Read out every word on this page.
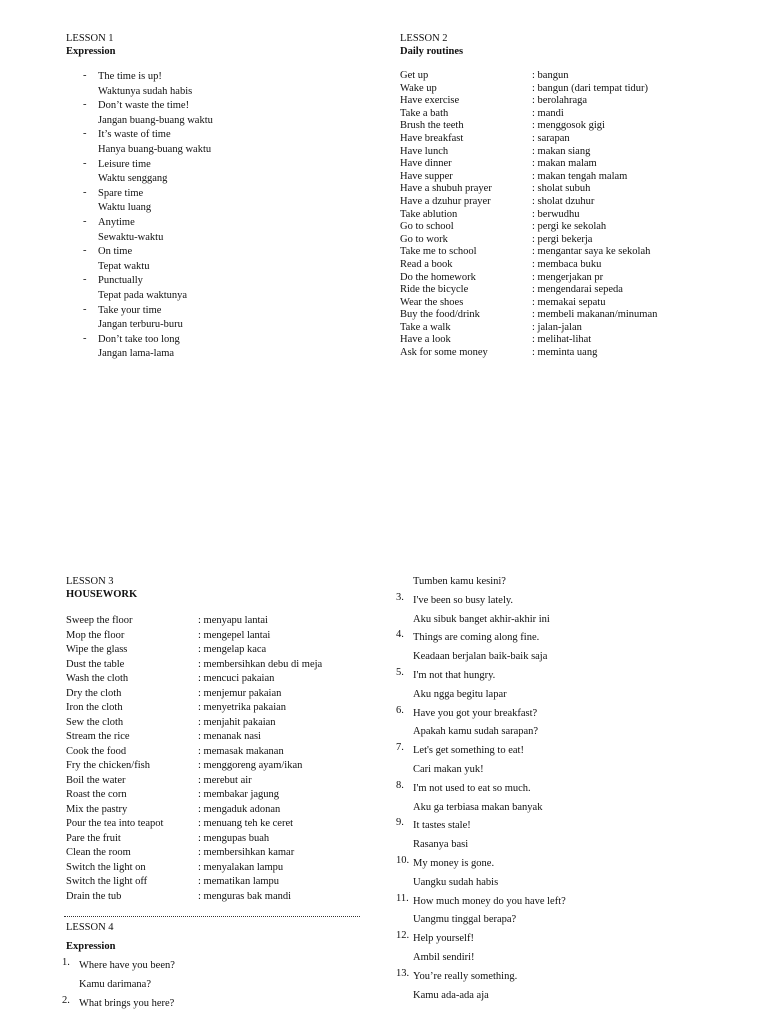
LESSON 1
Expression
- The time is up!
Waktunya sudah habis
- Don’t waste the time!
Jangan buang-buang waktu
- It’s waste of time
Hanya buang-buang waktu
- Leisure time
Waktu senggang
- Spare time
Waktu luang
- Anytime
Sewaktu-waktu
- On time
Tepat waktu
- Punctually
Tepat pada waktunya
- Take your time
Jangan terburu-buru
- Don’t take too long
Jangan lama-lama
LESSON 2
Daily routines
Get up	: bangun
Wake up	: bangun (dari tempat tidur)
Have exercise	: berolahraga
Take a bath	: mandi
Brush the teeth	: menggosok gigi
Have breakfast	: sarapan
Have lunch	: makan siang
Have dinner	: makan malam
Have supper	: makan tengah malam
Have a shubuh prayer	: sholat subuh
Have a dzuhur prayer	: sholat dzuhur
Take ablution	: berwudhu
Go to school	: pergi ke sekolah
Go to work	: pergi bekerja
Take me to school	: mengantar saya ke sekolah
Read a book	: membaca buku
Do the homework	: mengerjakan pr
Ride the bicycle	: mengendarai sepeda
Wear the shoes	: memakai sepatu
Buy the food/drink	: membeli makanan/minuman
Take a walk	: jalan-jalan
Have a look	: melihat-lihat
Ask for some money	: meminta uang
LESSON 3
HOUSEWORK
Sweep the floor	: menyapu lantai
Mop the floor	: mengepel lantai
Wipe the glass	: mengelap kaca
Dust the table	: membersihkan debu di meja
Wash the cloth	: mencuci pakaian
Dry the cloth	: menjemur pakaian
Iron the cloth	: menyetrika pakaian
Sew the cloth	: menjahit pakaian
Stream the rice	: menanak nasi
Cook the food	: memasak makanan
Fry the chicken/fish	: menggoreng ayam/ikan
Boil the water	: merebut air
Roast the corn	: membakar jagung
Mix the pastry	: mengaduk adonan
Pour the tea into teapot	: menuang teh ke ceret
Pare the fruit	: mengupas buah
Clean the room	: membersihkan kamar
Switch the light on	: menyalakan lampu
Switch the light off	: mematikan lampu
Drain the tub	: menguras bak mandi
LESSON 4
Expression
1. Where have you been?
Kamu darimana?
2. What brings you here?
Tumben kamu kesini?
3. I've been so busy lately.
Aku sibuk banget akhir-akhir ini
4. Things are coming along fine.
Keadaan berjalan baik-baik saja
5. I'm not that hungry.
Aku ngga begitu lapar
6. Have you got your breakfast?
Apakah kamu sudah sarapan?
7. Let's get something to eat!
Cari makan yuk!
8. I'm not used to eat so much.
Aku ga terbiasa makan banyak
9. It tastes stale!
Rasanya basi
10. My money is gone.
Uangku sudah habis
11. How much money do you have left?
Uangmu tinggal berapa?
12. Help yourself!
Ambil sendiri!
13. You’re really something.
Kamu ada-ada aja
